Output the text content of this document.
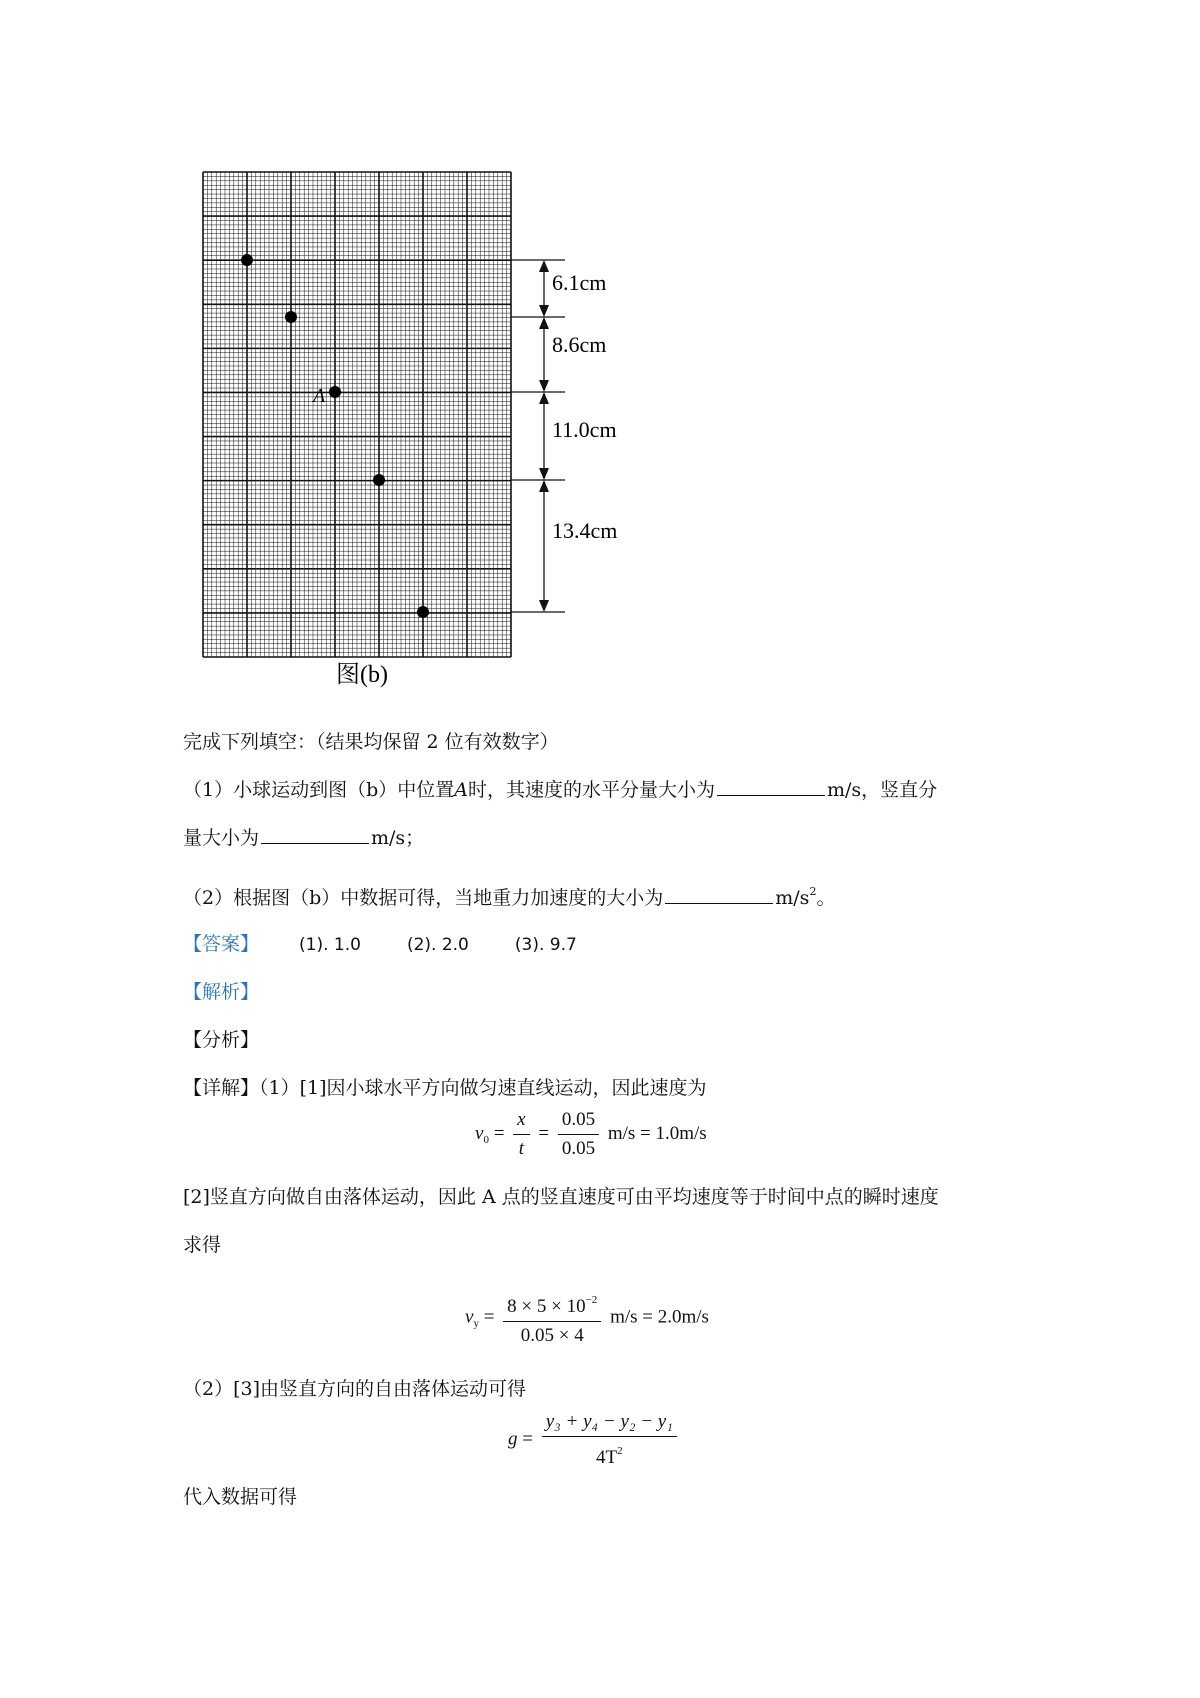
A
6.1cm
8.6cm
11.0cm
13.4cm
图(b)
完成下列填空：（结果均保留 2 位有效数字）
（1）小球运动到图（b）中位置A时，其速度的水平分量大小为	m/s，竖直分
量大小为	m/s；
（2）根据图（b）中数据可得，当地重力加速度的大小为	$m/s^2$。
【答案】 (1). 1.0	(2). 2.0	(3). 9.7
【解析】
【分析】
【详解】（1）[1]因小球水平方向做匀速直线运动，因此速度为
$v_0 = \frac{x}{t} = \frac{0.05}{0.05} m/s = 1.0m/s$
[2]竖直方向做自由落体运动，因此 A 点的竖直速度可由平均速度等于时间中点的瞬时速度
求得
$v_y = \frac{8 \times 5 \times 10^{-2}}{0.05 \times 4} m/s = 2.0m/s$
（2）[3]由竖直方向的自由落体运动可得
$g = \frac{\text{y₃ + y₄ − y₂ − y₁}}{4T^2}$
代入数据可得
